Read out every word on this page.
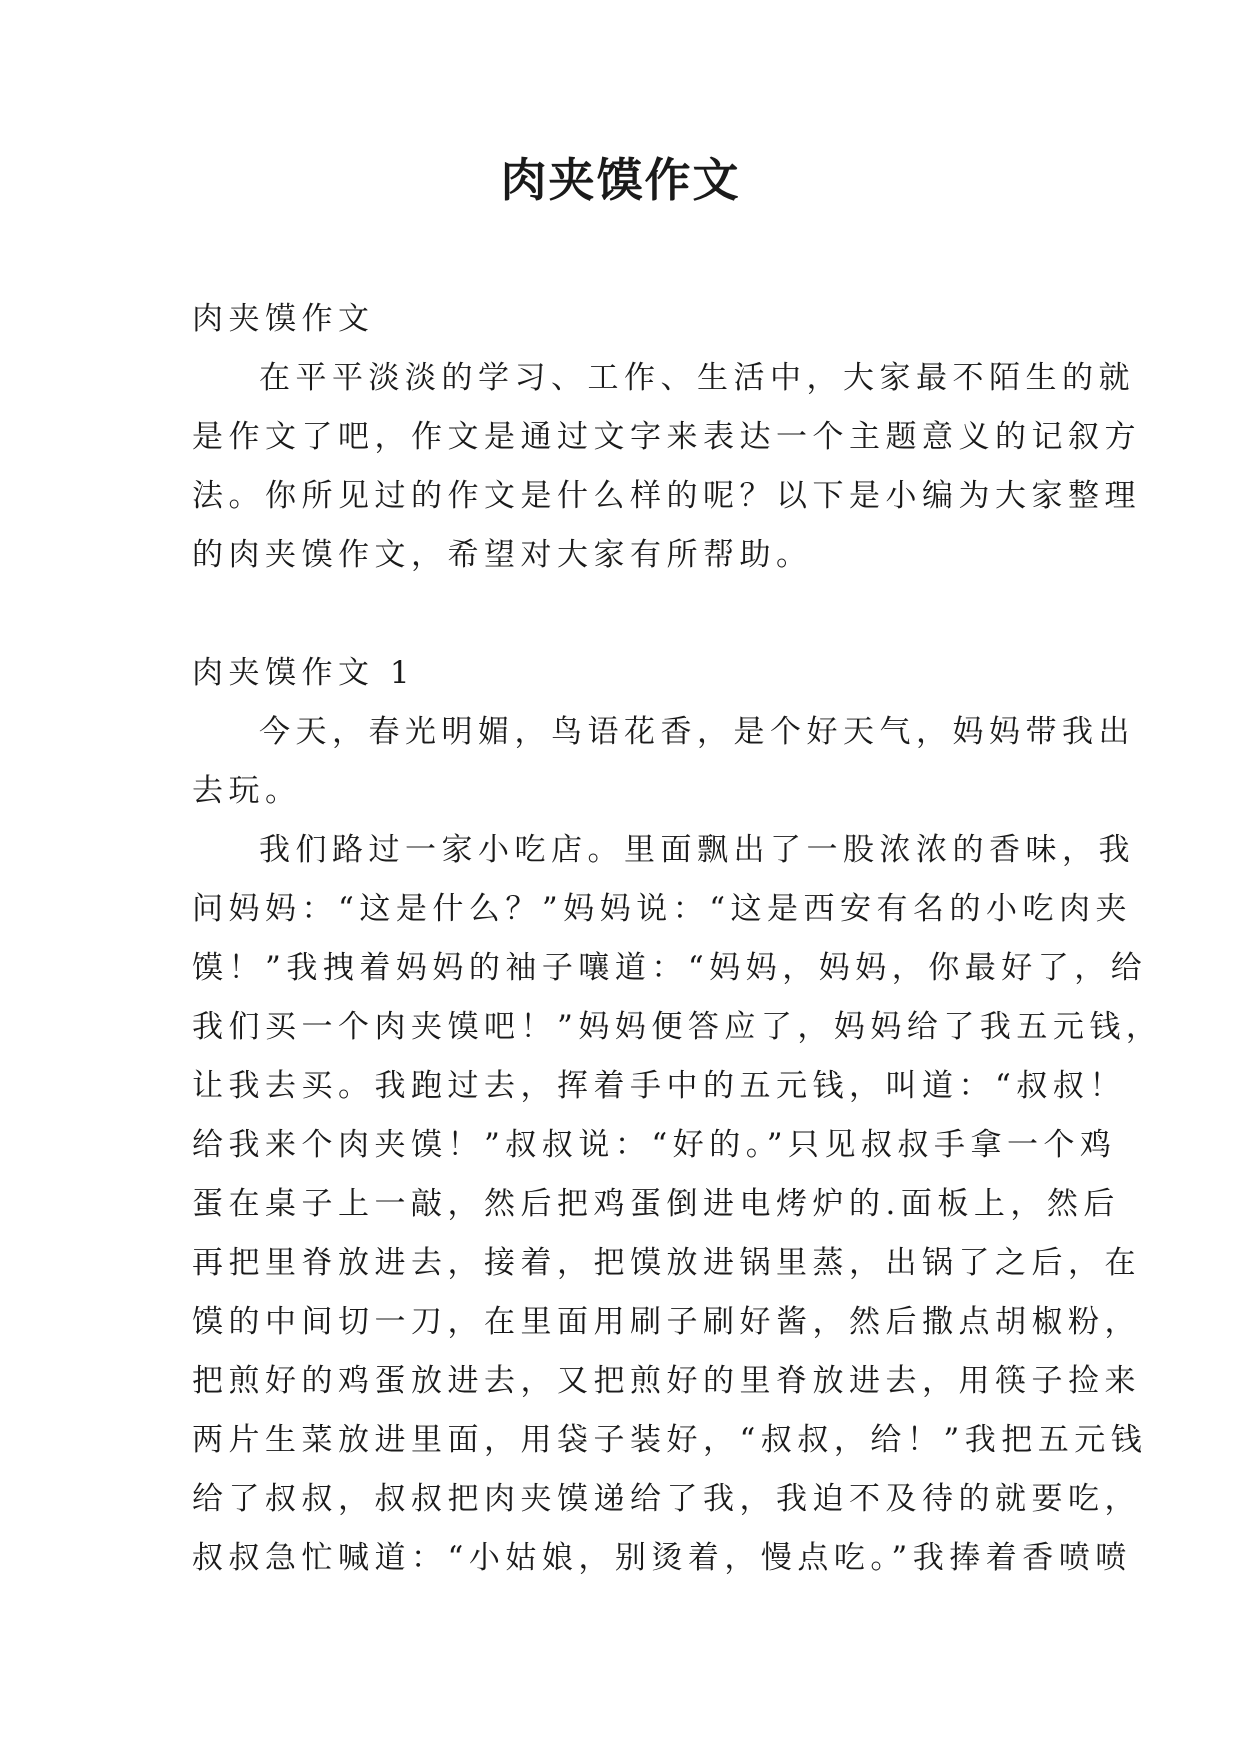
肉夹馍作文
肉夹馍作文
在平平淡淡的学习、工作、生活中，大家最不陌生的就
是作文了吧，作文是通过文字来表达一个主题意义的记叙方
法。你所见过的作文是什么样的呢？以下是小编为大家整理
的肉夹馍作文，希望对大家有所帮助。
肉夹馍作文 1
今天，春光明媚，鸟语花香，是个好天气，妈妈带我出
去玩。
我们路过一家小吃店。里面飘出了一股浓浓的香味，我
问妈妈：“这是什么？”妈妈说：“这是西安有名的小吃肉夹
馍！”我拽着妈妈的袖子嚷道：“妈妈，妈妈，你最好了，给
我们买一个肉夹馍吧！”妈妈便答应了，妈妈给了我五元钱，
让我去买。我跑过去，挥着手中的五元钱，叫道：“叔叔！
给我来个肉夹馍！”叔叔说：“好的。”只见叔叔手拿一个鸡
蛋在桌子上一敲，然后把鸡蛋倒进电烤炉的.面板上，然后
再把里脊放进去，接着，把馍放进锅里蒸，出锅了之后，在
馍的中间切一刀，在里面用刷子刷好酱，然后撒点胡椒粉，
把煎好的鸡蛋放进去，又把煎好的里脊放进去，用筷子捡来
两片生菜放进里面，用袋子装好，“叔叔，给！”我把五元钱
给了叔叔，叔叔把肉夹馍递给了我，我迫不及待的就要吃，
叔叔急忙喊道：“小姑娘，别烫着，慢点吃。”我捧着香喷喷
